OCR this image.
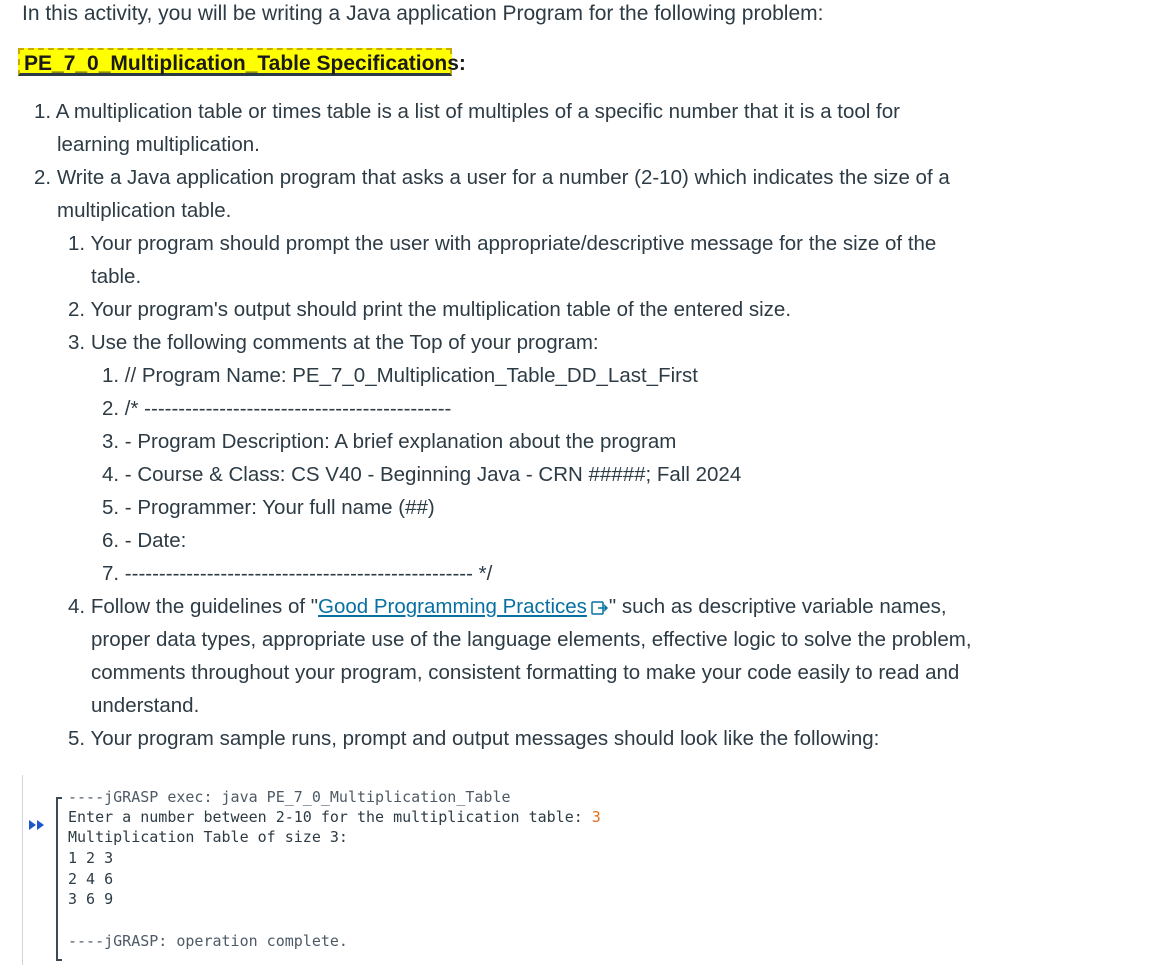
In this activity, you will be writing a Java application Program for the following problem:
PE_7_0_Multiplication_Table Specifications:
1. A multiplication table or times table is a list of multiples of a specific number that it is a tool for
learning multiplication.
2. Write a Java application program that asks a user for a number (2-10) which indicates the size of a
multiplication table.
1. Your program should prompt the user with appropriate/descriptive message for the size of the
table.
2. Your program's output should print the multiplication table of the entered size.
3. Use the following comments at the Top of your program:
1. // Program Name: PE_7_0_Multiplication_Table_DD_Last_First
2. /* ---------------------------------------------
3. - Program Description: A brief explanation about the program
4. - Course & Class: CS V40 - Beginning Java - CRN #####; Fall 2024
5. - Programmer: Your full name (##)
6. - Date:
7. --------------------------------------------------- */
4. Follow the guidelines of "Good Programming Practices " such as descriptive variable names,
proper data types, appropriate use of the language elements, effective logic to solve the problem,
comments throughout your program, consistent formatting to make your code easily to read and
understand.
5. Your program sample runs, prompt and output messages should look like the following:
----jGRASP exec: java PE_7_0_Multiplication_Table
Enter a number between 2-10 for the multiplication table: 3
Multiplication Table of size 3:
1 2 3
2 4 6
3 6 9
----jGRASP: operation complete.
